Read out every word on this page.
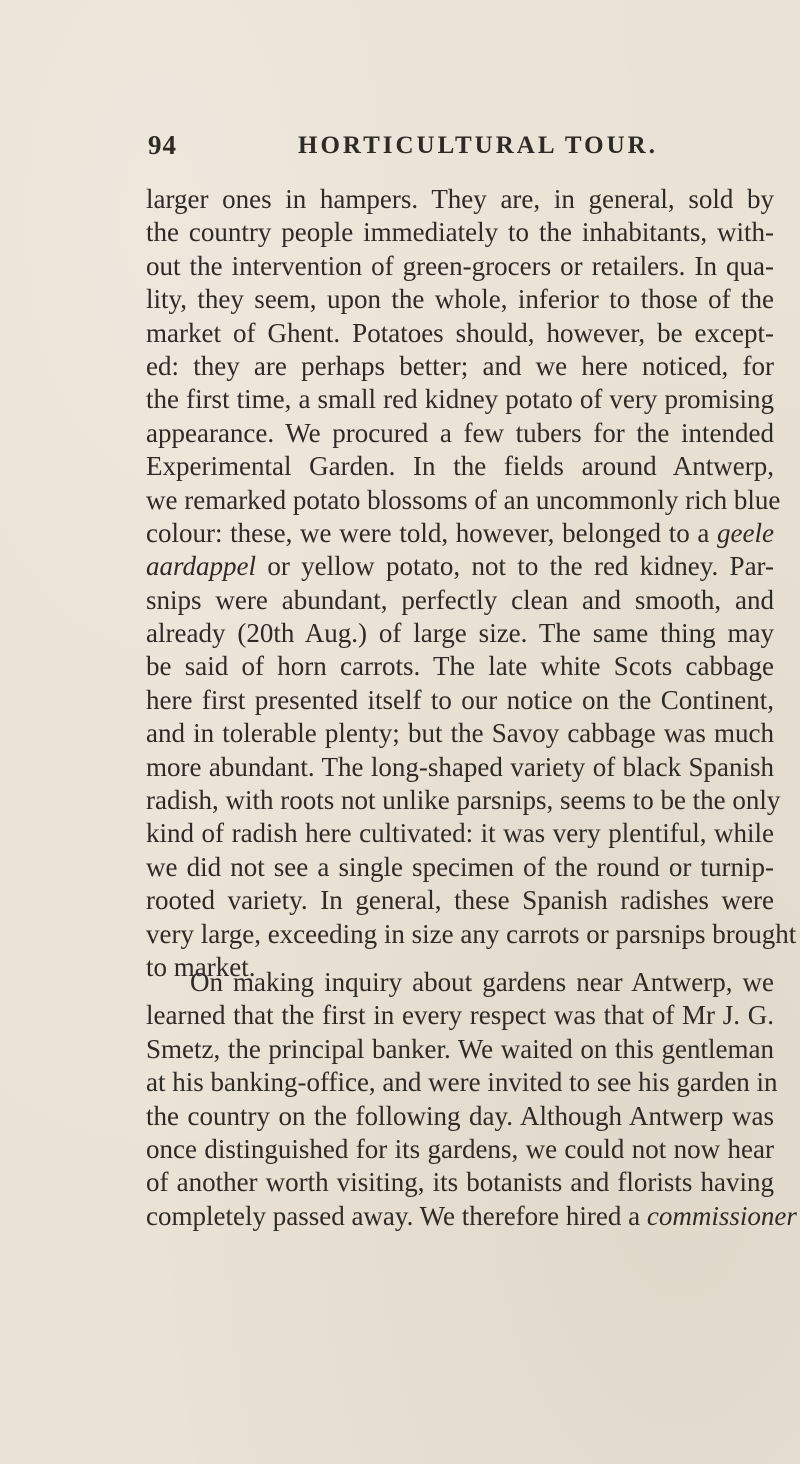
94	HORTICULTURAL TOUR.
larger ones in hampers. They are, in general, sold by
the country people immediately to the inhabitants, with-
out the intervention of green-grocers or retailers. In qua-
lity, they seem, upon the whole, inferior to those of the
market of Ghent. Potatoes should, however, be except-
ed: they are perhaps better; and we here noticed, for
the first time, a small red kidney potato of very promising
appearance. We procured a few tubers for the intended
Experimental Garden. In the fields around Antwerp,
we remarked potato blossoms of an uncommonly rich blue
colour: these, we were told, however, belonged to a geele
aardappel or yellow potato, not to the red kidney. Par-
snips were abundant, perfectly clean and smooth, and
already (20th Aug.) of large size. The same thing may
be said of horn carrots. The late white Scots cabbage
here first presented itself to our notice on the Continent,
and in tolerable plenty; but the Savoy cabbage was much
more abundant. The long-shaped variety of black Spanish
radish, with roots not unlike parsnips, seems to be the only
kind of radish here cultivated: it was very plentiful, while
we did not see a single specimen of the round or turnip-
rooted variety. In general, these Spanish radishes were
very large, exceeding in size any carrots or parsnips brought
to market.
On making inquiry about gardens near Antwerp, we
learned that the first in every respect was that of Mr J. G.
Smetz, the principal banker. We waited on this gentleman
at his banking-office, and were invited to see his garden in
the country on the following day. Although Antwerp was
once distinguished for its gardens, we could not now hear
of another worth visiting, its botanists and florists having
completely passed away. We therefore hired a commissioner
